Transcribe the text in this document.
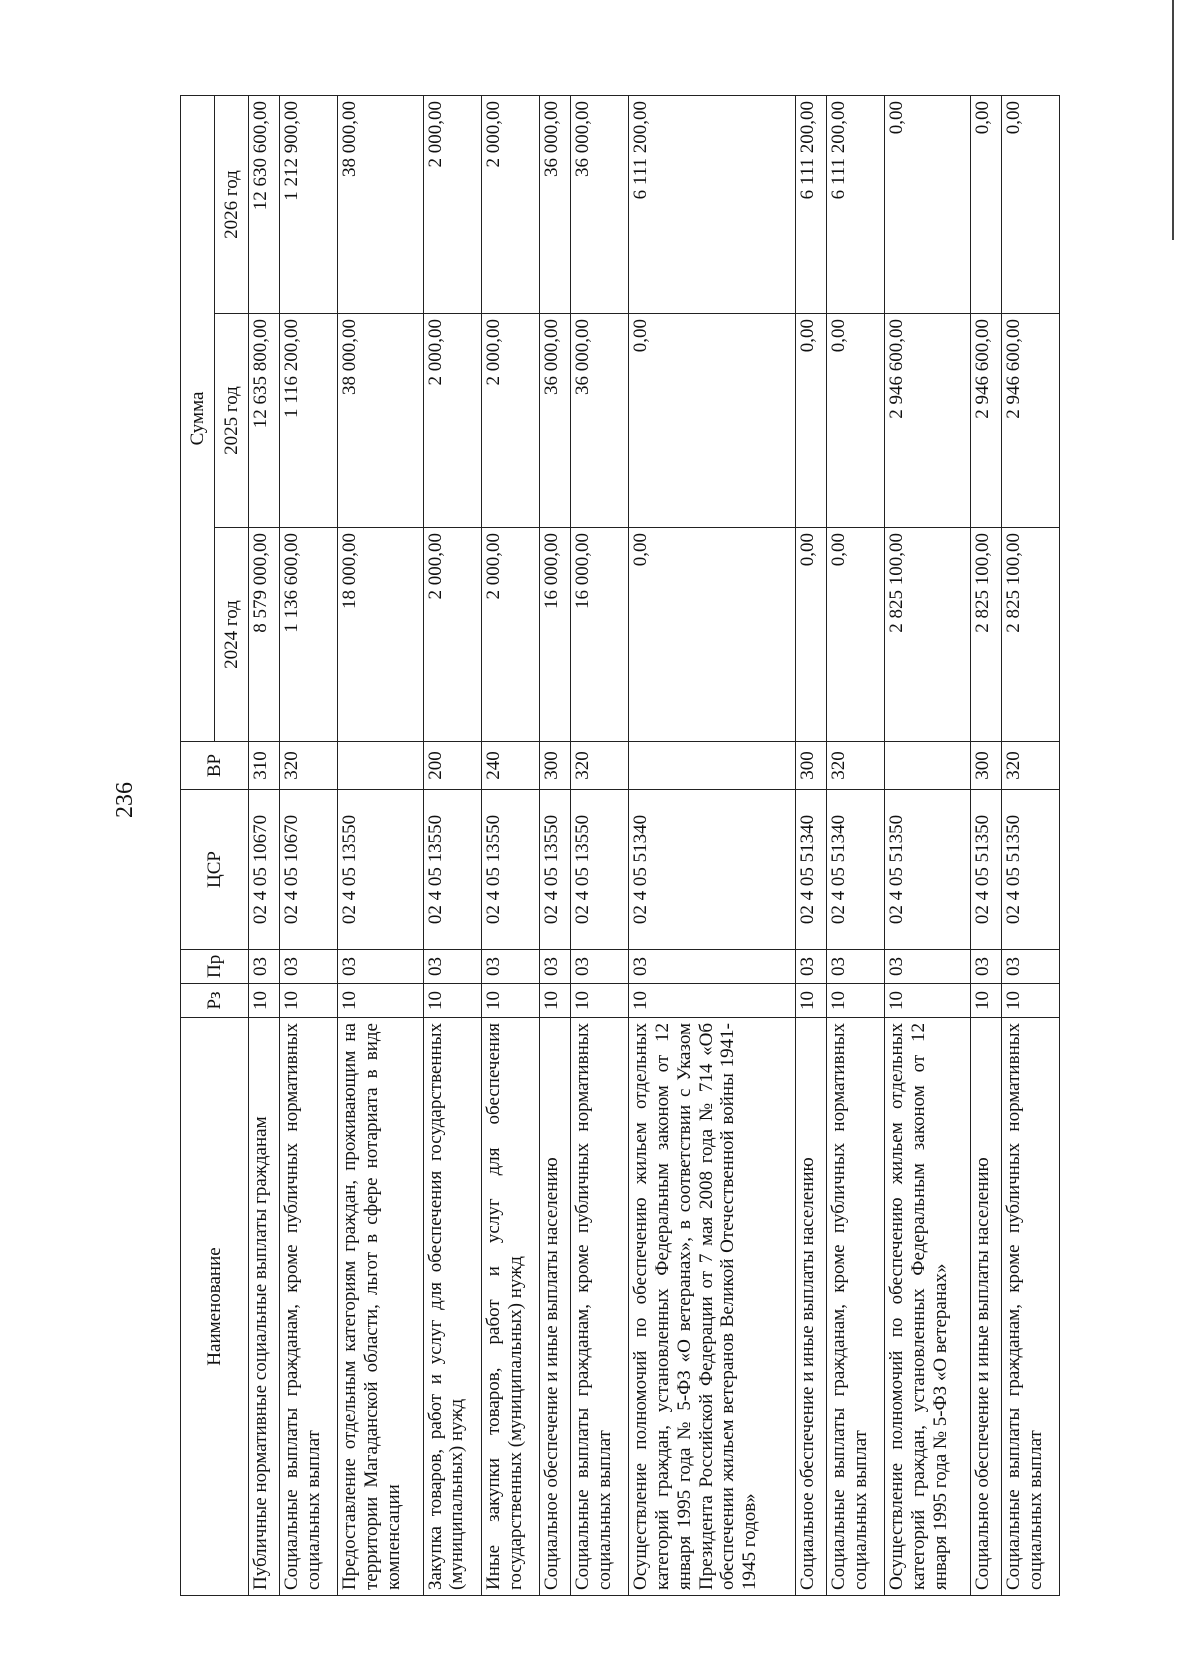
236
Наименование	Рз	Пр	ЦСР	ВР	Сумма		
					2024 год	2025 год	2026 год
Публичные нормативные социальные выплаты гражданам	10	03	02 4 05 10670	310	8 579 000,00	12 635 800,00	12 630 600,00
Социальные выплаты гражданам, кроме публичных нормативных социальных выплат	10	03	02 4 05 10670	320	1 136 600,00	1 116 200,00	1 212 900,00
Предоставление отдельным категориям граждан, проживающим на территории Магаданской области, льгот в сфере нотариата в виде компенсации	10	03	02 4 05 13550		18 000,00	38 000,00	38 000,00
Закупка товаров, работ и услуг для обеспечения государственных (муниципальных) нужд	10	03	02 4 05 13550	200	2 000,00	2 000,00	2 000,00
Иные закупки товаров, работ и услуг для обеспечения государственных (муниципальных) нужд	10	03	02 4 05 13550	240	2 000,00	2 000,00	2 000,00
Социальное обеспечение и иные выплаты населению	10	03	02 4 05 13550	300	16 000,00	36 000,00	36 000,00
Социальные выплаты гражданам, кроме публичных нормативных социальных выплат	10	03	02 4 05 13550	320	16 000,00	36 000,00	36 000,00
Осуществление полномочий по обеспечению жильем отдельных категорий граждан, установленных Федеральным законом от 12 января 1995 года № 5-ФЗ «О ветеранах», в соответствии с Указом Президента Российской Федерации от 7 мая 2008 года № 714 «Об обеспечении жильем ветеранов Великой Отечественной войны 1941-1945 годов»	10	03	02 4 05 51340		0,00	0,00	6 111 200,00
Социальное обеспечение и иные выплаты населению	10	03	02 4 05 51340	300	0,00	0,00	6 111 200,00
Социальные выплаты гражданам, кроме публичных нормативных социальных выплат	10	03	02 4 05 51340	320	0,00	0,00	6 111 200,00
Осуществление полномочий по обеспечению жильем отдельных категорий граждан, установленных Федеральным законом от 12 января 1995 года № 5-ФЗ «О ветеранах»	10	03	02 4 05 51350		2 825 100,00	2 946 600,00	0,00
Социальное обеспечение и иные выплаты населению	10	03	02 4 05 51350	300	2 825 100,00	2 946 600,00	0,00
Социальные выплаты гражданам, кроме публичных нормативных социальных выплат	10	03	02 4 05 51350	320	2 825 100,00	2 946 600,00	0,00
